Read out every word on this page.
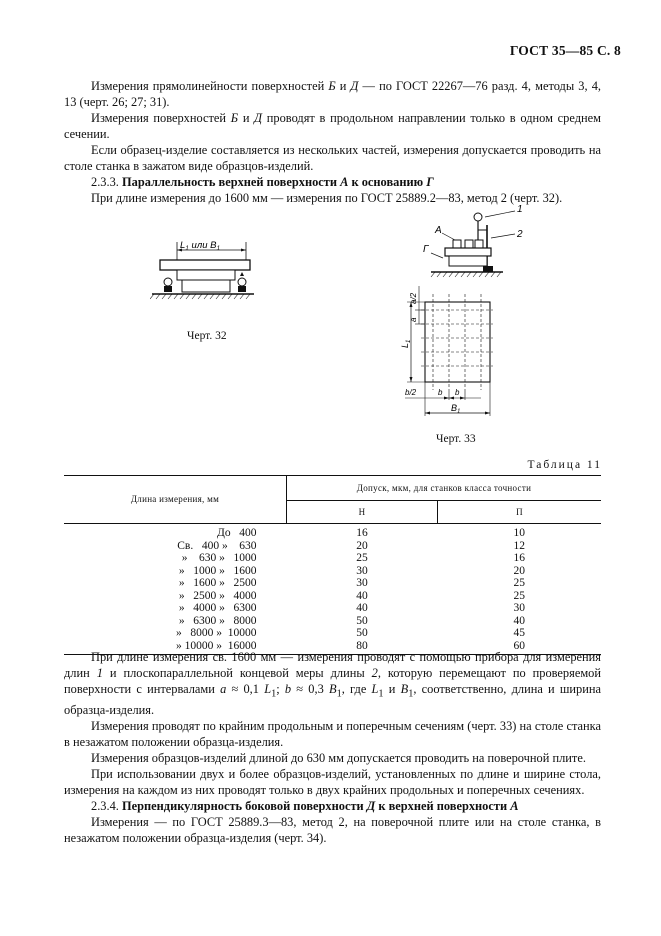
ГОСТ 35—85 С. 8

Измерения прямолинейности поверхностей Б и Д — по ГОСТ 22267—76 разд. 4, методы 3, 4, 13 (черт. 26; 27; 31).

Измерения поверхностей Б и Д проводят в продольном направлении только в одном среднем сечении.

Если образец-изделие составляется из нескольких частей, измерения допускается проводить на столе станка в зажатом виде образцов-изделий.

2.3.3. Параллельность верхней поверхности А к основанию Г

При длине измерения до 1600 мм — измерения по ГОСТ 25889.2—83, метод 2 (черт. 32).

$L_1$ или $B_1$
Черт. 32
1
2
A
Г
$L_1$
a/2
a
b/2	b b
$B_1$
Черт. 33
Таблица 11
Длина измерения, мм	Допуск, мкм, для станков класса точности	
	Н	П
До   400	16	10
Св.   400 »    630	20	12
»    630 »   1000	25	16
»   1000 »   1600	30	20
»   1600 »   2500	30	25
»   2500 »   4000	40	25
»   4000 »   6300	40	30
»   6300 »   8000	50	40
»   8000 »  10000	50	45
» 10000 »  16000	80	60

При длине измерения св. 1600 мм — измерения проводят с помощью прибора для измерения длин 1 и плоскопараллельной концевой меры длины 2, которую перемещают по проверяемой поверхности с интервалами a ≈ 0,1 $L_1$; b ≈ 0,3 $B_1$, где $L_1$ и $B_1$, соответственно, длина и ширина образца-изделия.

Измерения проводят по крайним продольным и поперечным сечениям (черт. 33) на столе станка в незажатом положении образца-изделия.

Измерения образцов-изделий длиной до 630 мм допускается проводить на поверочной плите.

При использовании двух и более образцов-изделий, установленных по длине и ширине стола, измерения на каждом из них проводят только в двух крайних продольных и поперечных сечениях.

2.3.4. Перпендикулярность боковой поверхности Д к верхней поверхности А

Измерения — по ГОСТ 25889.3—83, метод 2, на поверочной плите или на столе станка, в незажатом положении образца-изделия (черт. 34).
